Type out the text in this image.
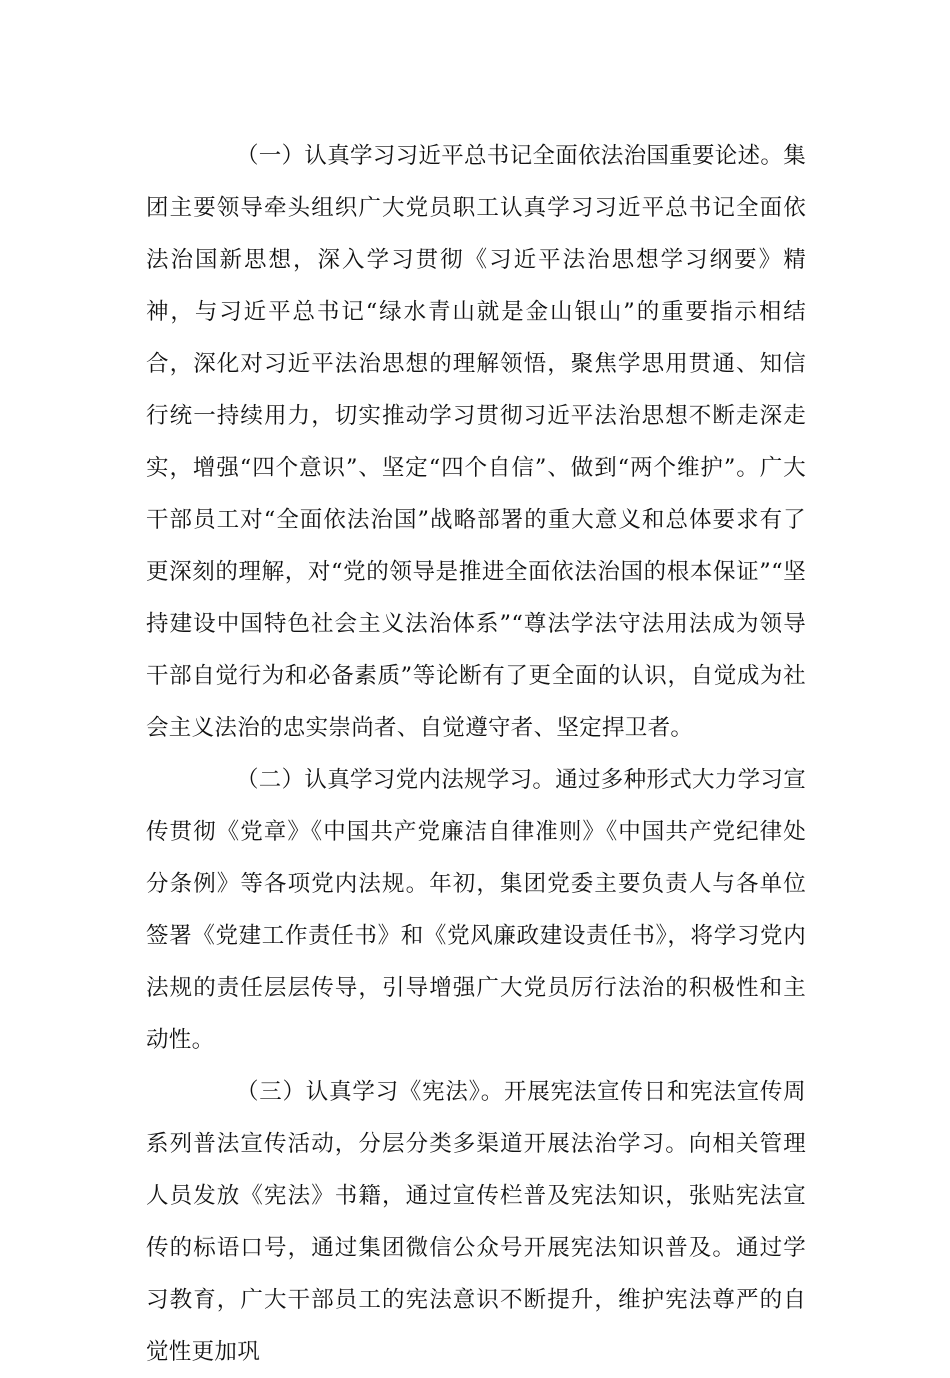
（一）认真学习习近平总书记全面依法治国重要论述。集团主要领导牵头组织广大党员职工认真学习习近平总书记全面依法治国新思想，深入学习贯彻《习近平法治思想学习纲要》精神，与习近平总书记“绿水青山就是金山银山”的重要指示相结合，深化对习近平法治思想的理解领悟，聚焦学思用贯通、知信行统一持续用力，切实推动学习贯彻习近平法治思想不断走深走实，增强“四个意识”、坚定“四个自信”、做到“两个维护”。广大干部员工对“全面依法治国”战略部署的重大意义和总体要求有了更深刻的理解，对“党的领导是推进全面依法治国的根本保证”“坚持建设中国特色社会主义法治体系”“尊法学法守法用法成为领导干部自觉行为和必备素质”等论断有了更全面的认识，自觉成为社会主义法治的忠实崇尚者、自觉遵守者、坚定捍卫者。

（二）认真学习党内法规学习。通过多种形式大力学习宣传贯彻《党章》《中国共产党廉洁自律准则》《中国共产党纪律处分条例》等各项党内法规。年初，集团党委主要负责人与各单位签署《党建工作责任书》和《党风廉政建设责任书》，将学习党内法规的责任层层传导，引导增强广大党员厉行法治的积极性和主动性。

（三）认真学习《宪法》。开展宪法宣传日和宪法宣传周系列普法宣传活动，分层分类多渠道开展法治学习。向相关管理人员发放《宪法》书籍，通过宣传栏普及宪法知识，张贴宪法宣传的标语口号，通过集团微信公众号开展宪法知识普及。通过学习教育，广大干部员工的宪法意识不断提升，维护宪法尊严的自觉性更加巩
